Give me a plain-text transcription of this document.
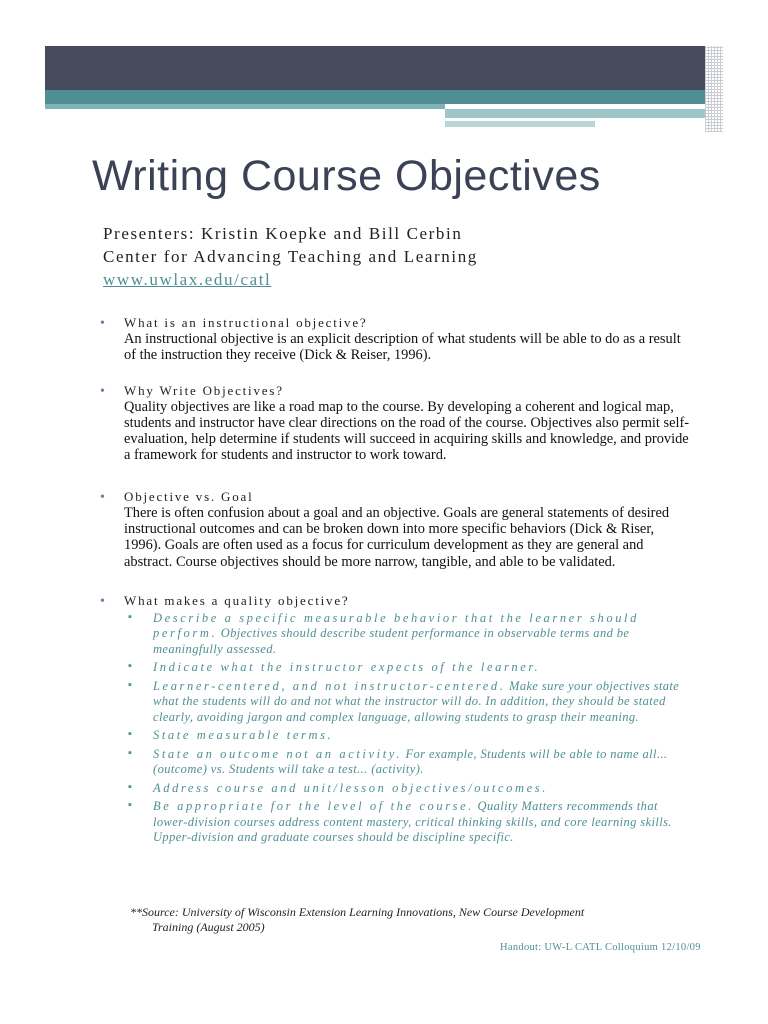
Writing Course Objectives
Presenters: Kristin Koepke and Bill Cerbin
Center for Advancing Teaching and Learning
www.uwlax.edu/catl
• What is an instructional objective?
An instructional objective is an explicit description of what students will be able to do as a result of the instruction they receive (Dick & Reiser, 1996).
• Why Write Objectives?
Quality objectives are like a road map to the course. By developing a coherent and logical map, students and instructor have clear directions on the road of the course. Objectives also permit self-evaluation, help determine if students will succeed in acquiring skills and knowledge, and provide a framework for students and instructor to work toward.
• Objective vs. Goal
There is often confusion about a goal and an objective. Goals are general statements of desired instructional outcomes and can be broken down into more specific behaviors (Dick & Riser, 1996). Goals are often used as a focus for curriculum development as they are general and abstract. Course objectives should be more narrow, tangible, and able to be validated.
• What makes a quality objective?
▪ Describe a specific measurable behavior that the learner should perform. Objectives should describe student performance in observable terms and be meaningfully assessed.
▪ Indicate what the instructor expects of the learner.
▪ Learner-centered, and not instructor-centered. Make sure your objectives state what the students will do and not what the instructor will do. In addition, they should be stated clearly, avoiding jargon and complex language, allowing students to grasp their meaning.
▪ State measurable terms.
▪ State an outcome not an activity. For example, Students will be able to name all...(outcome) vs. Students will take a test... (activity).
▪ Address course and unit/lesson objectives/outcomes.
▪ Be appropriate for the level of the course. Quality Matters recommends that lower-division courses address content mastery, critical thinking skills, and core learning skills. Upper-division and graduate courses should be discipline specific.
**Source: University of Wisconsin Extension Learning Innovations, New Course Development
Training (August 2005)
Handout: UW-L CATL Colloquium 12/10/09
